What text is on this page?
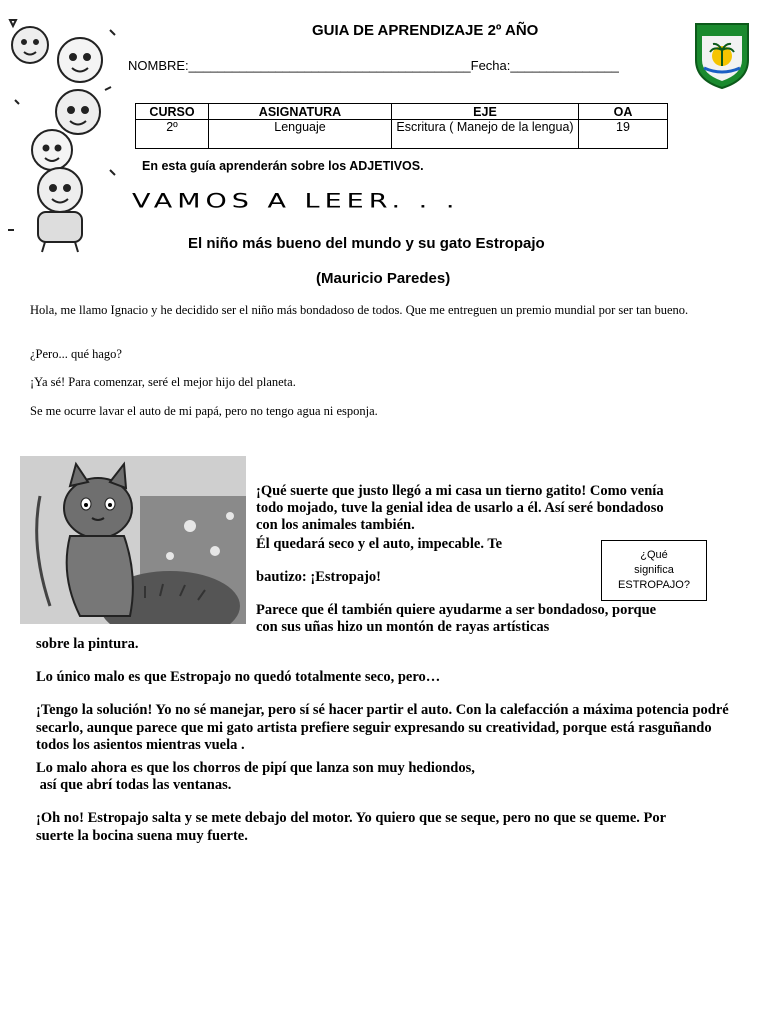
GUIA DE APRENDIZAJE 2º AÑO
NOMBRE:_______________________________________Fecha:_______________
CURSO	ASIGNATURA	EJE	OA
2º	Lenguaje	Escritura ( Manejo de la lengua)	19
En esta guía aprenderán sobre los ADJETIVOS.
VAMOS A LEER. . .
El niño más bueno del mundo y su gato Estropajo
(Mauricio Paredes)
Hola, me llamo Ignacio y he decidido ser el niño más bondadoso de todos. Que me entreguen un premio mundial por ser tan bueno.
¿Pero... qué hago?
¡Ya sé! Para comenzar, seré el mejor hijo del planeta.
Se me ocurre lavar el auto de mi papá, pero no tengo agua ni esponja.
¡Qué suerte que justo llegó a mi casa un tierno gatito! Como venía
todo mojado, tuve la genial idea de usarlo a él. Así seré bondadoso
con los animales también.
Él quedará seco y el auto, impecable. Te
bautizo: ¡Estropajo!
Parece que él también quiere ayudarme a ser bondadoso, porque
con sus uñas hizo un montón de rayas artísticas
¿Qué
significa
ESTROPAJO?
sobre la pintura.
Lo único malo es que Estropajo no quedó totalmente seco, pero…
¡Tengo la solución! Yo no sé manejar, pero sí sé hacer partir el auto. Con la calefacción a máxima potencia podré secarlo, aunque parece que mi gato artista prefiere seguir expresando su creatividad, porque está rasguñando todos los asientos mientras vuela .
Lo malo ahora es que los chorros de pipí que lanza son muy hediondos,
así que abrí todas las ventanas.
¡Oh no! Estropajo salta y se mete debajo del motor. Yo quiero que se seque, pero no que se queme. Por suerte la bocina suena muy fuerte.
